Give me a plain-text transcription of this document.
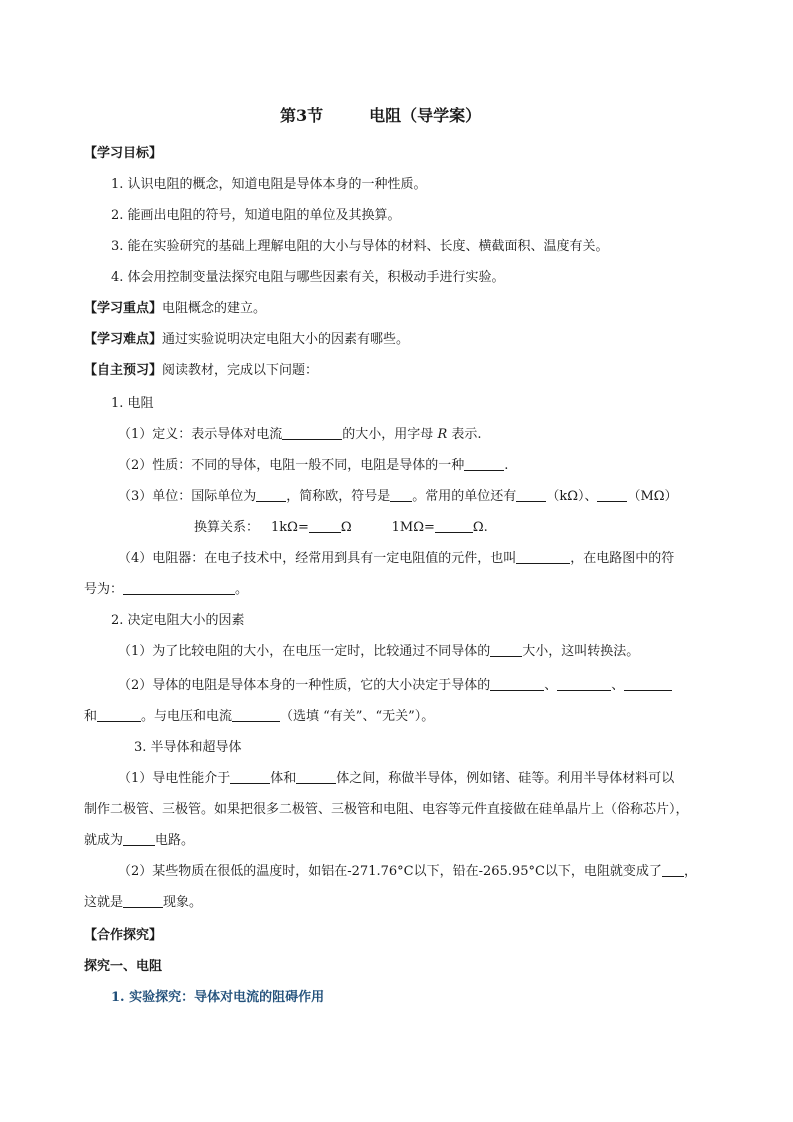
第3节	电阻（导学案）
【学习目标】
1. 认识电阻的概念，知道电阻是导体本身的一种性质。
2. 能画出电阻的符号，知道电阻的单位及其换算。
3. 能在实验研究的基础上理解电阻的大小与导体的材料、长度、横截面积、温度有关。
4. 体会用控制变量法探究电阻与哪些因素有关，积极动手进行实验。
【学习重点】电阻概念的建立。
【学习难点】通过实验说明决定电阻大小的因素有哪些。
【自主预习】阅读教材，完成以下问题：
1. 电阻
（1）定义：表示导体对电流	的大小，用字母 R 表示.
（2）性质：不同的导体，电阻一般不同，电阻是导体的一种	.
（3）单位：国际单位为 ，简称欧，符号是 。常用的单位还有 （kΩ）、 （MΩ）
换算关系： 1kΩ= Ω	1MΩ=	Ω.
（4）电阻器：在电子技术中，经常用到具有一定电阻值的元件，也叫	，在电路图中的符
号为：	。
2. 决定电阻大小的因素
（1）为了比较电阻的大小，在电压一定时，比较通过不同导体的 大小，这叫转换法。
（2）导体的电阻是导体本身的一种性质，它的大小决定于导体的	、	、
和	。与电压和电流	（选填 “有关”、“无关”）。
3. 半导体和超导体
（1）导电性能介于	体和	体之间，称做半导体，例如锗、硅等。利用半导体材料可以
制作二极管、三极管。如果把很多二极管、三极管和电阻、电容等元件直接做在硅单晶片上（俗称芯片），
就成为 电路。
（2）某些物质在很低的温度时，如铝在-271.76°C以下，铅在-265.95°C以下，电阻就变成了 ，
这就是	现象。
【合作探究】
探究一、电阻
1. 实验探究：导体对电流的阻碍作用
